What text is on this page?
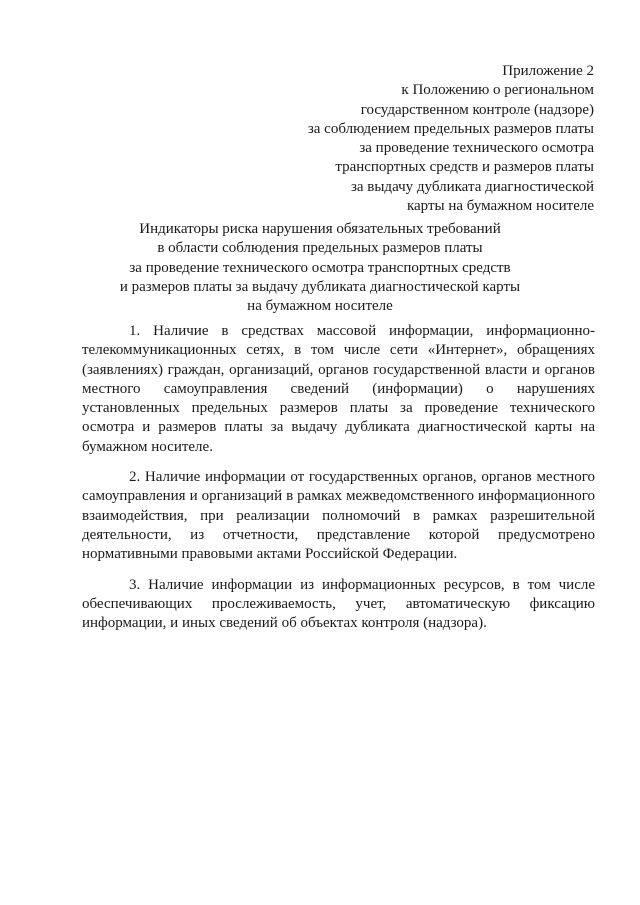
Приложение 2
к Положению о региональном
государственном контроле (надзоре)
за соблюдением предельных размеров платы
за проведение технического осмотра
транспортных средств и размеров платы
за выдачу дубликата диагностической
карты на бумажном носителе
Индикаторы риска нарушения обязательных требований
в области соблюдения предельных размеров платы
за проведение технического осмотра транспортных средств
и размеров платы за выдачу дубликата диагностической карты
на бумажном носителе

1. Наличие в средствах массовой информации, информационно-телекоммуникационных сетях, в том числе сети «Интернет», обращениях (заявлениях) граждан, организаций, органов государственной власти и органов местного самоуправления сведений (информации) о нарушениях установленных предельных размеров платы за проведение технического осмотра и размеров платы за выдачу дубликата диагностической карты на бумажном носителе.

2. Наличие информации от государственных органов, органов местного самоуправления и организаций в рамках межведомственного информационного взаимодействия, при реализации полномочий в рамках разрешительной деятельности, из отчетности, представление которой предусмотрено нормативными правовыми актами Российской Федерации.

3. Наличие информации из информационных ресурсов, в том числе обеспечивающих прослеживаемость, учет, автоматическую фиксацию информации, и иных сведений об объектах контроля (надзора).
